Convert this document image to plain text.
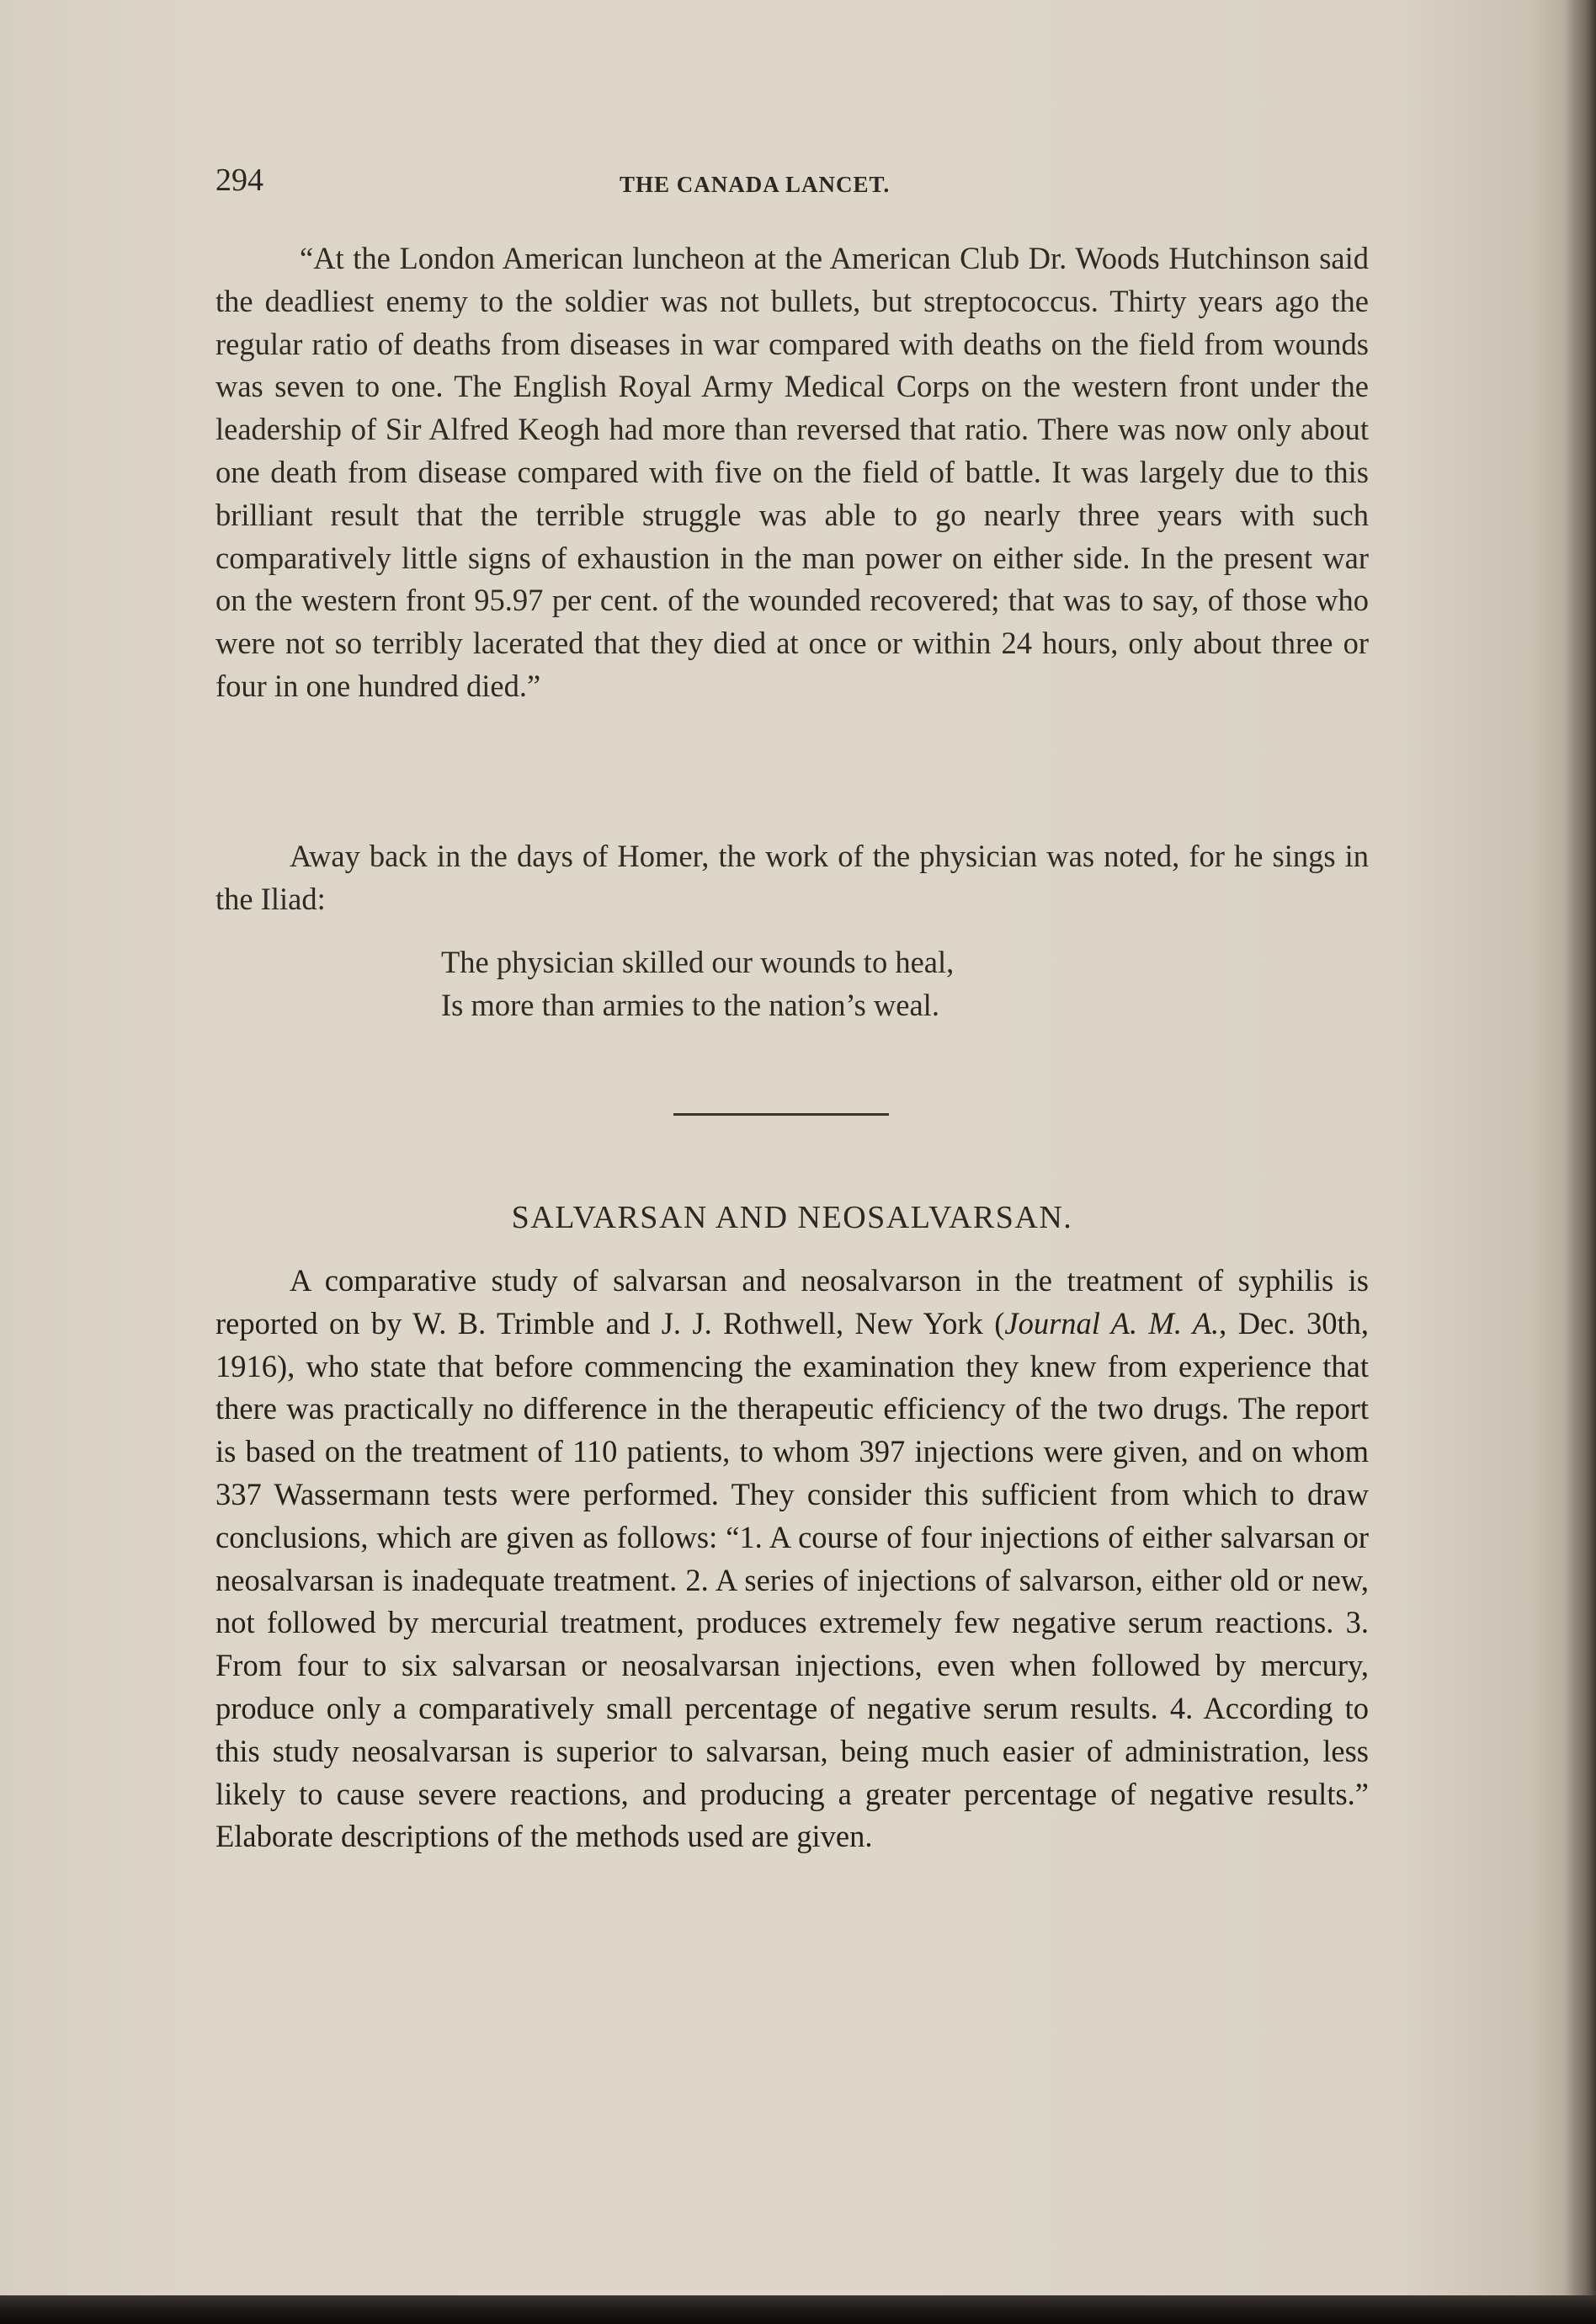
294	THE CANADA LANCET.

“At the London American luncheon at the American Club Dr. Woods Hutchinson said the deadliest enemy to the soldier was not bullets, but streptococcus. Thirty years ago the regular ratio of deaths from diseases in war compared with deaths on the field from wounds was seven to one. The English Royal Army Medical Corps on the western front under the leadership of Sir Alfred Keogh had more than reversed that ratio. There was now only about one death from disease compared with five on the field of battle. It was largely due to this brilliant result that the terrible struggle was able to go nearly three years with such comparatively little signs of exhaustion in the man power on either side. In the present war on the western front 95.97 per cent. of the wounded recovered; that was to say, of those who were not so terribly lacerated that they died at once or within 24 hours, only about three or four in one hundred died.”

Away back in the days of Homer, the work of the physician was noted, for he sings in the Iliad:

The physician skilled our wounds to heal,
Is more than armies to the nation’s weal.
SALVARSAN AND NEOSALVARSAN.

A comparative study of salvarsan and neosalvarson in the treatment of syphilis is reported on by W. B. Trimble and J. J. Rothwell, New York (Journal A. M. A., Dec. 30th, 1916), who state that before commencing the examination they knew from experience that there was practically no difference in the therapeutic efficiency of the two drugs. The report is based on the treatment of 110 patients, to whom 397 injections were given, and on whom 337 Wassermann tests were performed. They consider this sufficient from which to draw conclusions, which are given as follows: “1. A course of four injections of either salvarsan or neosalvarsan is inadequate treatment. 2. A series of injections of salvarson, either old or new, not followed by mercurial treatment, produces extremely few negative serum reactions. 3. From four to six salvarsan or neosalvarsan injections, even when followed by mercury, produce only a comparatively small percentage of negative serum results. 4. According to this study neosalvarsan is superior to salvarsan, being much easier of administration, less likely to cause severe reactions, and producing a greater percentage of negative results.” Elaborate descriptions of the methods used are given.
